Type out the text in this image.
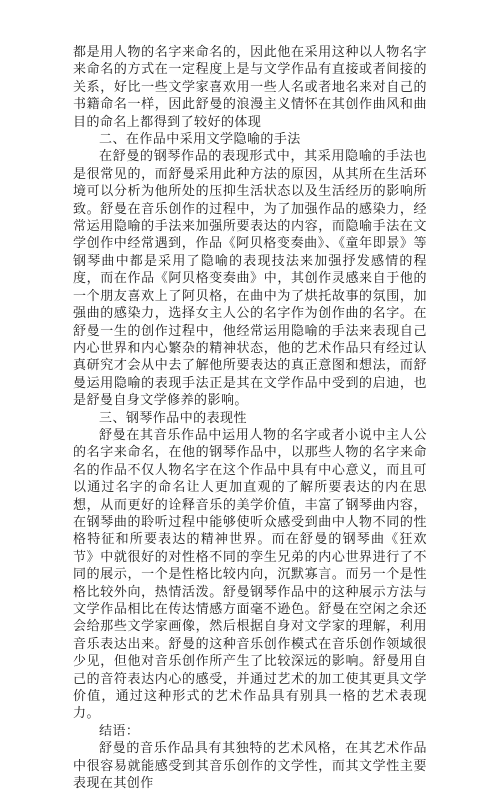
都是用人物的名字来命名的，因此他在采用这种以人物名字来命名的方式在一定程度上是与文学作品有直接或者间接的关系，好比一些文学家喜欢用一些人名或者地名来对自己的书籍命名一样，因此舒曼的浪漫主义情怀在其创作曲风和曲目的命名上都得到了较好的体现

二、在作品中采用文学隐喻的手法

在舒曼的钢琴作品的表现形式中，其采用隐喻的手法也是很常见的，而舒曼采用此种方法的原因，从其所在生活环境可以分析为他所处的压抑生活状态以及生活经历的影响所致。舒曼在音乐创作的过程中，为了加强作品的感染力，经常运用隐喻的手法来加强所要表达的内容，而隐喻手法在文学创作中经常遇到，作品《阿贝格变奏曲》、《童年即景》等钢琴曲中都是采用了隐喻的表现技法来加强抒发感情的程度，而在作品《阿贝格变奏曲》中，其创作灵感来自于他的一个朋友喜欢上了阿贝格，在曲中为了烘托故事的氛围，加强曲的感染力，选择女主人公的名字作为创作曲的名字。在舒曼一生的创作过程中，他经常运用隐喻的手法来表现自己内心世界和内心繁杂的精神状态，他的艺术作品只有经过认真研究才会从中去了解他所要表达的真正意图和想法，而舒曼运用隐喻的表现手法正是其在文学作品中受到的启迪，也是舒曼自身文学修养的影响。

三、钢琴作品中的表现性

舒曼在其音乐作品中运用人物的名字或者小说中主人公的名字来命名，在他的钢琴作品中，以那些人物的名字来命名的作品不仅人物名字在这个作品中具有中心意义，而且可以通过名字的命名让人更加直观的了解所要表达的内在思想，从而更好的诠释音乐的美学价值，丰富了钢琴曲内容，在钢琴曲的聆听过程中能够使听众感受到曲中人物不同的性格特征和所要表达的精神世界。而在舒曼的钢琴曲《狂欢节》中就很好的对性格不同的孪生兄弟的内心世界进行了不同的展示，一个是性格比较内向，沉默寡言。而另一个是性格比较外向，热情活泼。舒曼钢琴作品中的这种展示方法与文学作品相比在传达情感方面毫不逊色。舒曼在空闲之余还会给那些文学家画像，然后根据自身对文学家的理解，利用音乐表达出来。舒曼的这种音乐创作模式在音乐创作领域很少见，但他对音乐创作所产生了比较深远的影响。舒曼用自己的音符表达内心的感受，并通过艺术的加工使其更具文学价值，通过这种形式的艺术作品具有别具一格的艺术表现力。

结语：

舒曼的音乐作品具有其独特的艺术风格，在其艺术作品中很容易就能感受到其音乐创作的文学性，而其文学性主要表现在其创作
